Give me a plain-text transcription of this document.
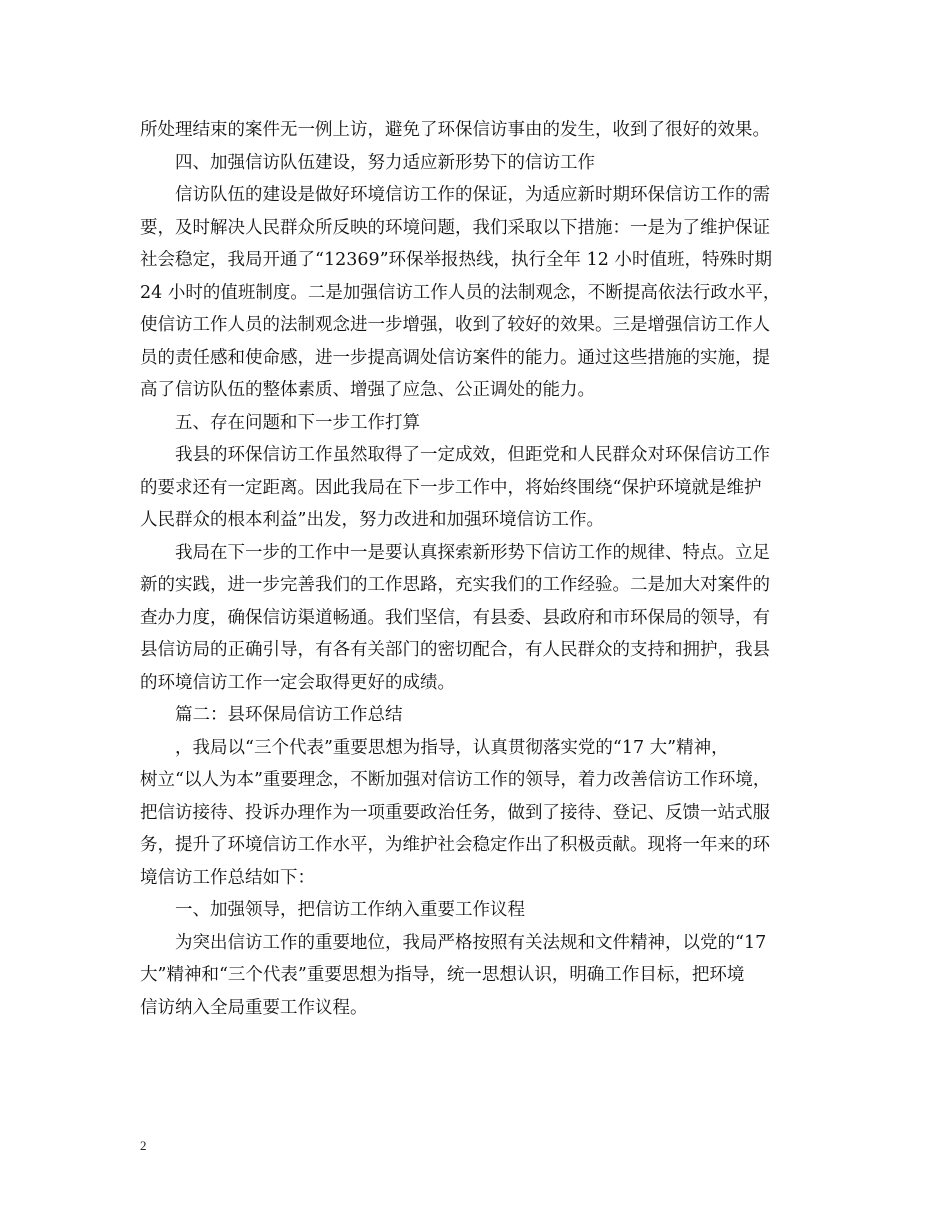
所处理结束的案件无一例上访，避免了环保信访事由的发生，收到了很好的效果。
四、加强信访队伍建设，努力适应新形势下的信访工作
信访队伍的建设是做好环境信访工作的保证，为适应新时期环保信访工作的需
要，及时解决人民群众所反映的环境问题，我们采取以下措施：一是为了维护保证
社会稳定，我局开通了“12369”环保举报热线，执行全年 12 小时值班，特殊时期
24 小时的值班制度。二是加强信访工作人员的法制观念，不断提高依法行政水平，
使信访工作人员的法制观念进一步增强，收到了较好的效果。三是增强信访工作人
员的责任感和使命感，进一步提高调处信访案件的能力。通过这些措施的实施，提
高了信访队伍的整体素质、增强了应急、公正调处的能力。
五、存在问题和下一步工作打算
我县的环保信访工作虽然取得了一定成效，但距党和人民群众对环保信访工作
的要求还有一定距离。因此我局在下一步工作中，将始终围绕“保护环境就是维护
人民群众的根本利益”出发，努力改进和加强环境信访工作。
我局在下一步的工作中一是要认真探索新形势下信访工作的规律、特点。立足
新的实践，进一步完善我们的工作思路，充实我们的工作经验。二是加大对案件的
查办力度，确保信访渠道畅通。我们坚信，有县委、县政府和市环保局的领导，有
县信访局的正确引导，有各有关部门的密切配合，有人民群众的支持和拥护，我县
的环境信访工作一定会取得更好的成绩。
篇二：县环保局信访工作总结
，我局以“三个代表”重要思想为指导，认真贯彻落实党的“17 大”精神，
树立“以人为本”重要理念，不断加强对信访工作的领导，着力改善信访工作环境，
把信访接待、投诉办理作为一项重要政治任务，做到了接待、登记、反馈一站式服
务，提升了环境信访工作水平，为维护社会稳定作出了积极贡献。现将一年来的环
境信访工作总结如下：
一、加强领导，把信访工作纳入重要工作议程
为突出信访工作的重要地位，我局严格按照有关法规和文件精神，以党的“17
大”精神和“三个代表”重要思想为指导，统一思想认识，明确工作目标，把环境
信访纳入全局重要工作议程。
2
